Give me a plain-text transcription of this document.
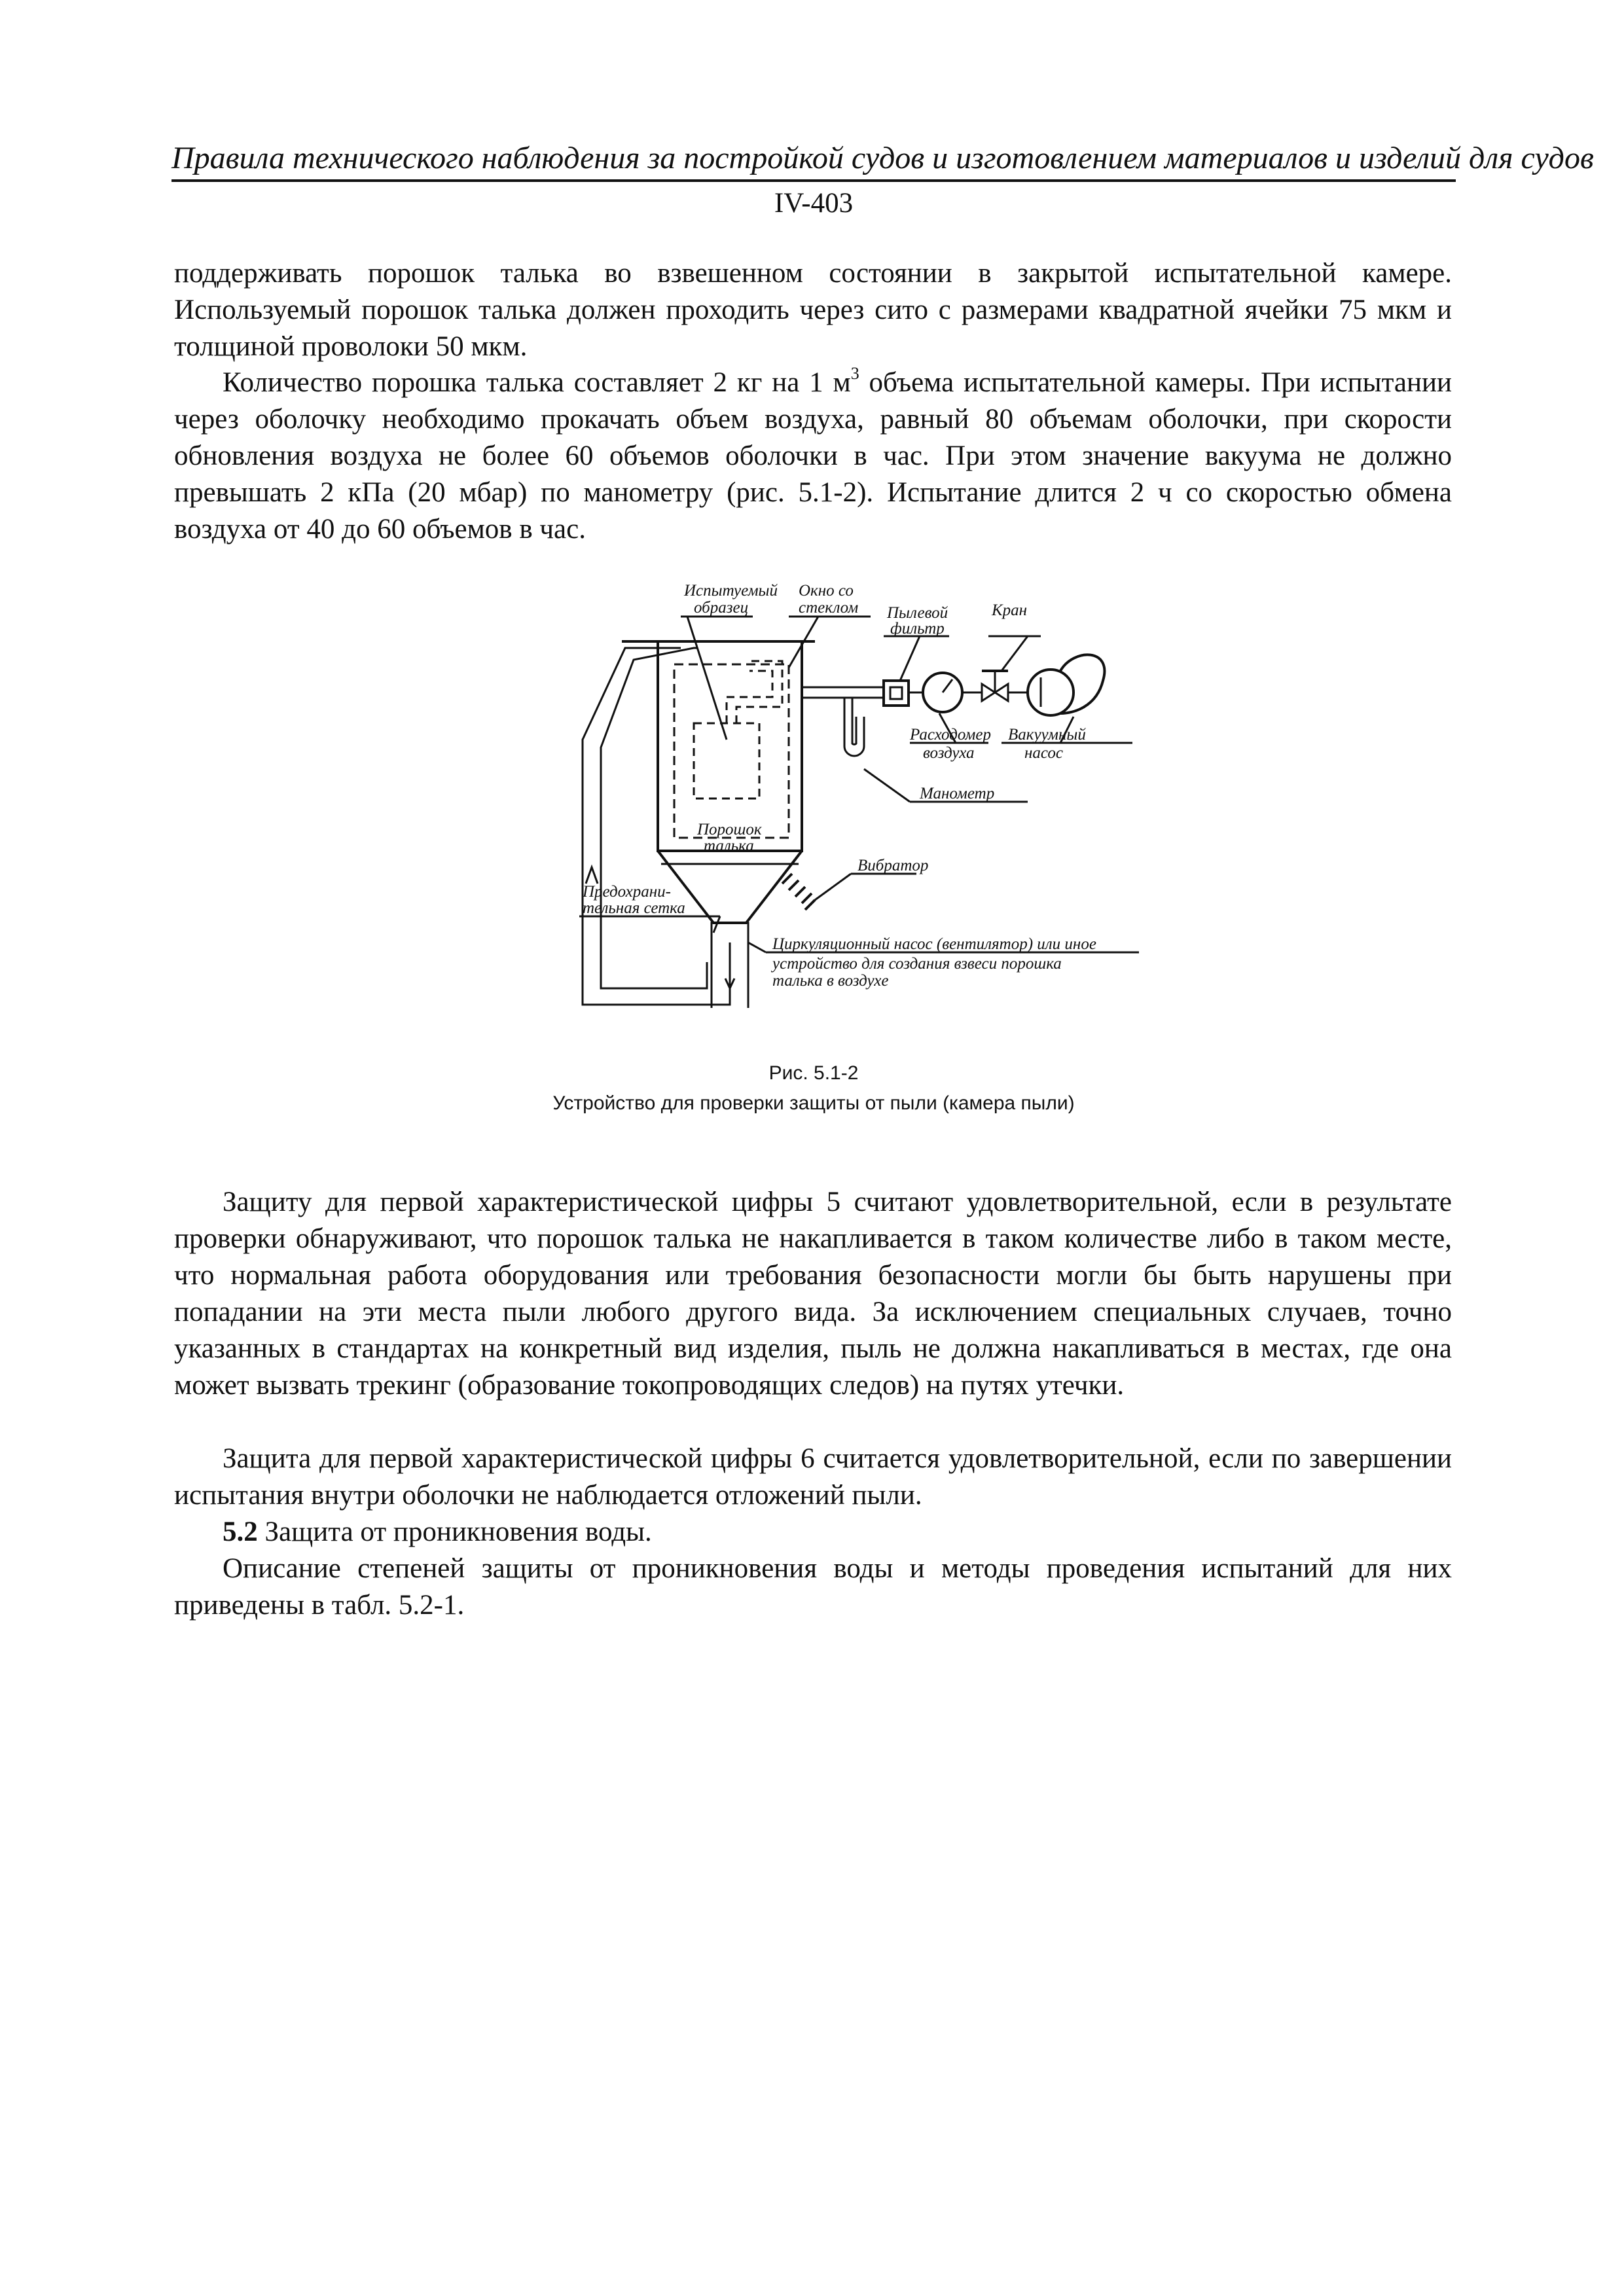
Правила технического наблюдения за постройкой судов и изготовлением материалов и изделий для судов
IV-403

поддерживать порошок талька во взвешенном состоянии в закрытой испытательной камере. Используемый порошок талька должен проходить через сито с размерами квадратной ячейки 75 мкм и толщиной проволоки 50 мкм.

Количество порошка талька составляет 2 кг на 1 $м^3$ объема испытательной камеры. При испытании через оболочку необходимо прокачать объем воздуха, равный 80 объемам оболочки, при скорости обновления воздуха не более 60 объемов оболочки в час. При этом значение вакуума не должно превышать 2 кПа (20 мбар) по манометру (рис. 5.1-2). Испытание длится 2 ч со скоростью обмена воздуха от 40 до 60 объемов в час.

Испытуемый
образец
Окно со
стеклом Пылевой
фильтр
Кран
Расходомер
воздуха
Вакуумный
насос
Манометр
Порошок
талька
Вибратор
Предохрани-
тельная сетка
Циркуляционный насос (вентилятор) или иное
устройство для создания взвеси порошка
талька в воздухе

Рис. 5.1-2

Устройство для проверки защиты от пыли (камера пыли)

Защиту для первой характеристической цифры 5 считают удовлетворительной, если в результате проверки обнаруживают, что порошок талька не накапливается в таком количестве либо в таком месте, что нормальная работа оборудования или требования безопасности могли бы быть нарушены при попадании на эти места пыли любого другого вида. За исключением специальных случаев, точно указанных в стандартах на конкретный вид изделия, пыль не должна накапливаться в местах, где она может вызвать трекинг (образование токопроводящих следов) на путях утечки.

Защита для первой характеристической цифры 6 считается удовлетворительной, если по завершении испытания внутри оболочки не наблюдается отложений пыли.

5.2 Защита от проникновения воды.

Описание степеней защиты от проникновения воды и методы проведения испытаний для них приведены в табл. 5.2-1.
